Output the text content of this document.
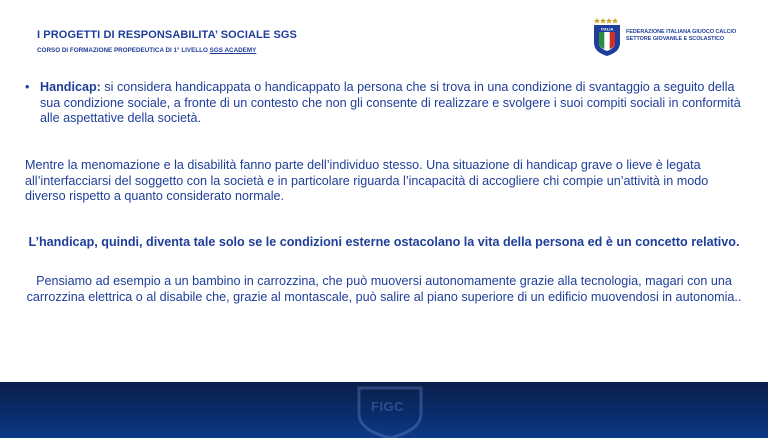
I PROGETTI DI RESPONSABILITA’ SOCIALE SGS
CORSO DI FORMAZIONE PROPEDEUTICA DI 1° LIVELLO SGS ACADEMY
ITALIA FEDERAZIONE ITALIANA GIUOCO CALCIO
SETTORE GIOVANILE E SCOLASTICO
• Handicap: si considera handicappata o handicappato la persona che si trova in una condizione di svantaggio a seguito della sua condizione sociale, a fronte di un contesto che non gli consente di realizzare e svolgere i suoi compiti sociali in conformità alle aspettative della società.
Mentre la menomazione e la disabilità fanno parte dell’individuo stesso. Una situazione di handicap grave o lieve è legata all’interfacciarsi del soggetto con la società e in particolare riguarda l’incapacità di accogliere chi compie un’attività in modo diverso rispetto a quanto considerato normale.
L’handicap, quindi, diventa tale solo se le condizioni esterne ostacolano la vita della persona ed è un concetto relativo.
Pensiamo ad esempio a un bambino in carrozzina, che può muoversi autonomamente grazie alla tecnologia, magari con una carrozzina elettrica o al disabile che, grazie al montascale, può salire al piano superiore di un edificio muovendosi in autonomia..
FIGC
